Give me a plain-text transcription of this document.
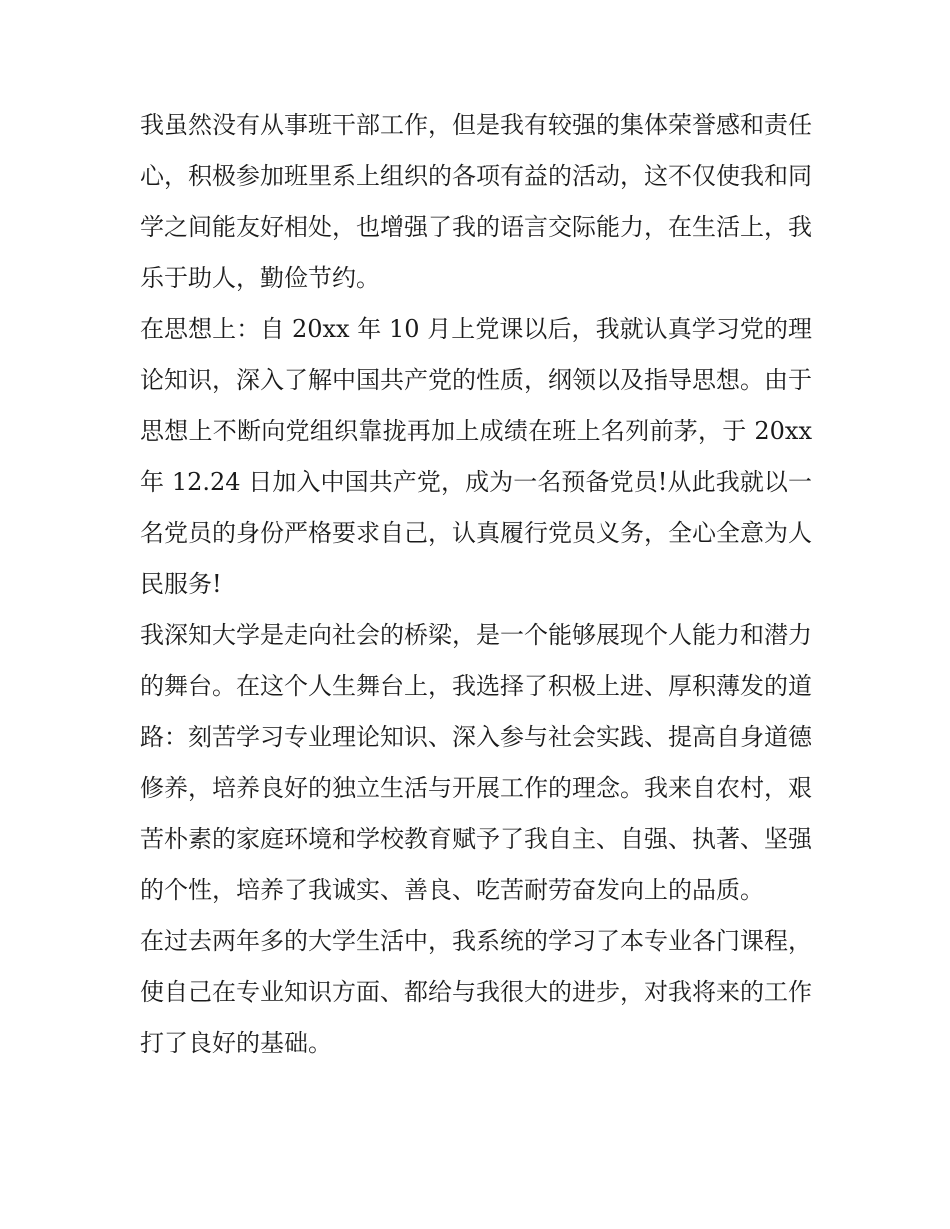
我虽然没有从事班干部工作，但是我有较强的集体荣誉感和责任心，积极参加班里系上组织的各项有益的活动，这不仅使我和同学之间能友好相处，也增强了我的语言交际能力，在生活上，我乐于助人，勤俭节约。

在思想上：自 20xx 年 10 月上党课以后，我就认真学习党的理论知识，深入了解中国共产党的性质，纲领以及指导思想。由于思想上不断向党组织靠拢再加上成绩在班上名列前茅，于 20xx 年 12.24 日加入中国共产党，成为一名预备党员!从此我就以一名党员的身份严格要求自己，认真履行党员义务，全心全意为人民服务!

我深知大学是走向社会的桥梁，是一个能够展现个人能力和潜力的舞台。在这个人生舞台上，我选择了积极上进、厚积薄发的道路：刻苦学习专业理论知识、深入参与社会实践、提高自身道德修养，培养良好的独立生活与开展工作的理念。我来自农村，艰苦朴素的家庭环境和学校教育赋予了我自主、自强、执著、坚强的个性，培养了我诚实、善良、吃苦耐劳奋发向上的品质。

在过去两年多的大学生活中，我系统的学习了本专业各门课程，使自己在专业知识方面、都给与我很大的进步，对我将来的工作打了良好的基础。
